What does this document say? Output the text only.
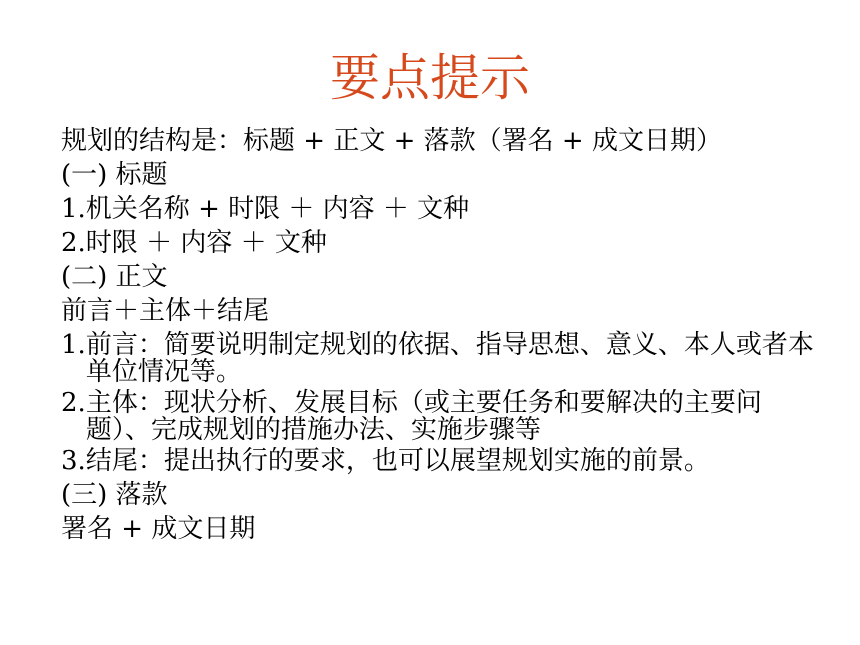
要点提示
规划的结构是：标题 + 正文 + 落款（署名 + 成文日期）
(一) 标题
1.机关名称 + 时限 ＋ 内容 ＋ 文种
2.时限 ＋ 内容 ＋ 文种
(二) 正文
前言＋主体＋结尾
1. 前言：简要说明制定规划的依据、指导思想、意义、本人或者本单位情况等。
2. 主体：现状分析、发展目标（或主要任务和要解决的主要问题）、完成规划的措施办法、实施步骤等
3. 结尾：提出执行的要求，也可以展望规划实施的前景。
(三) 落款
署名 + 成文日期
